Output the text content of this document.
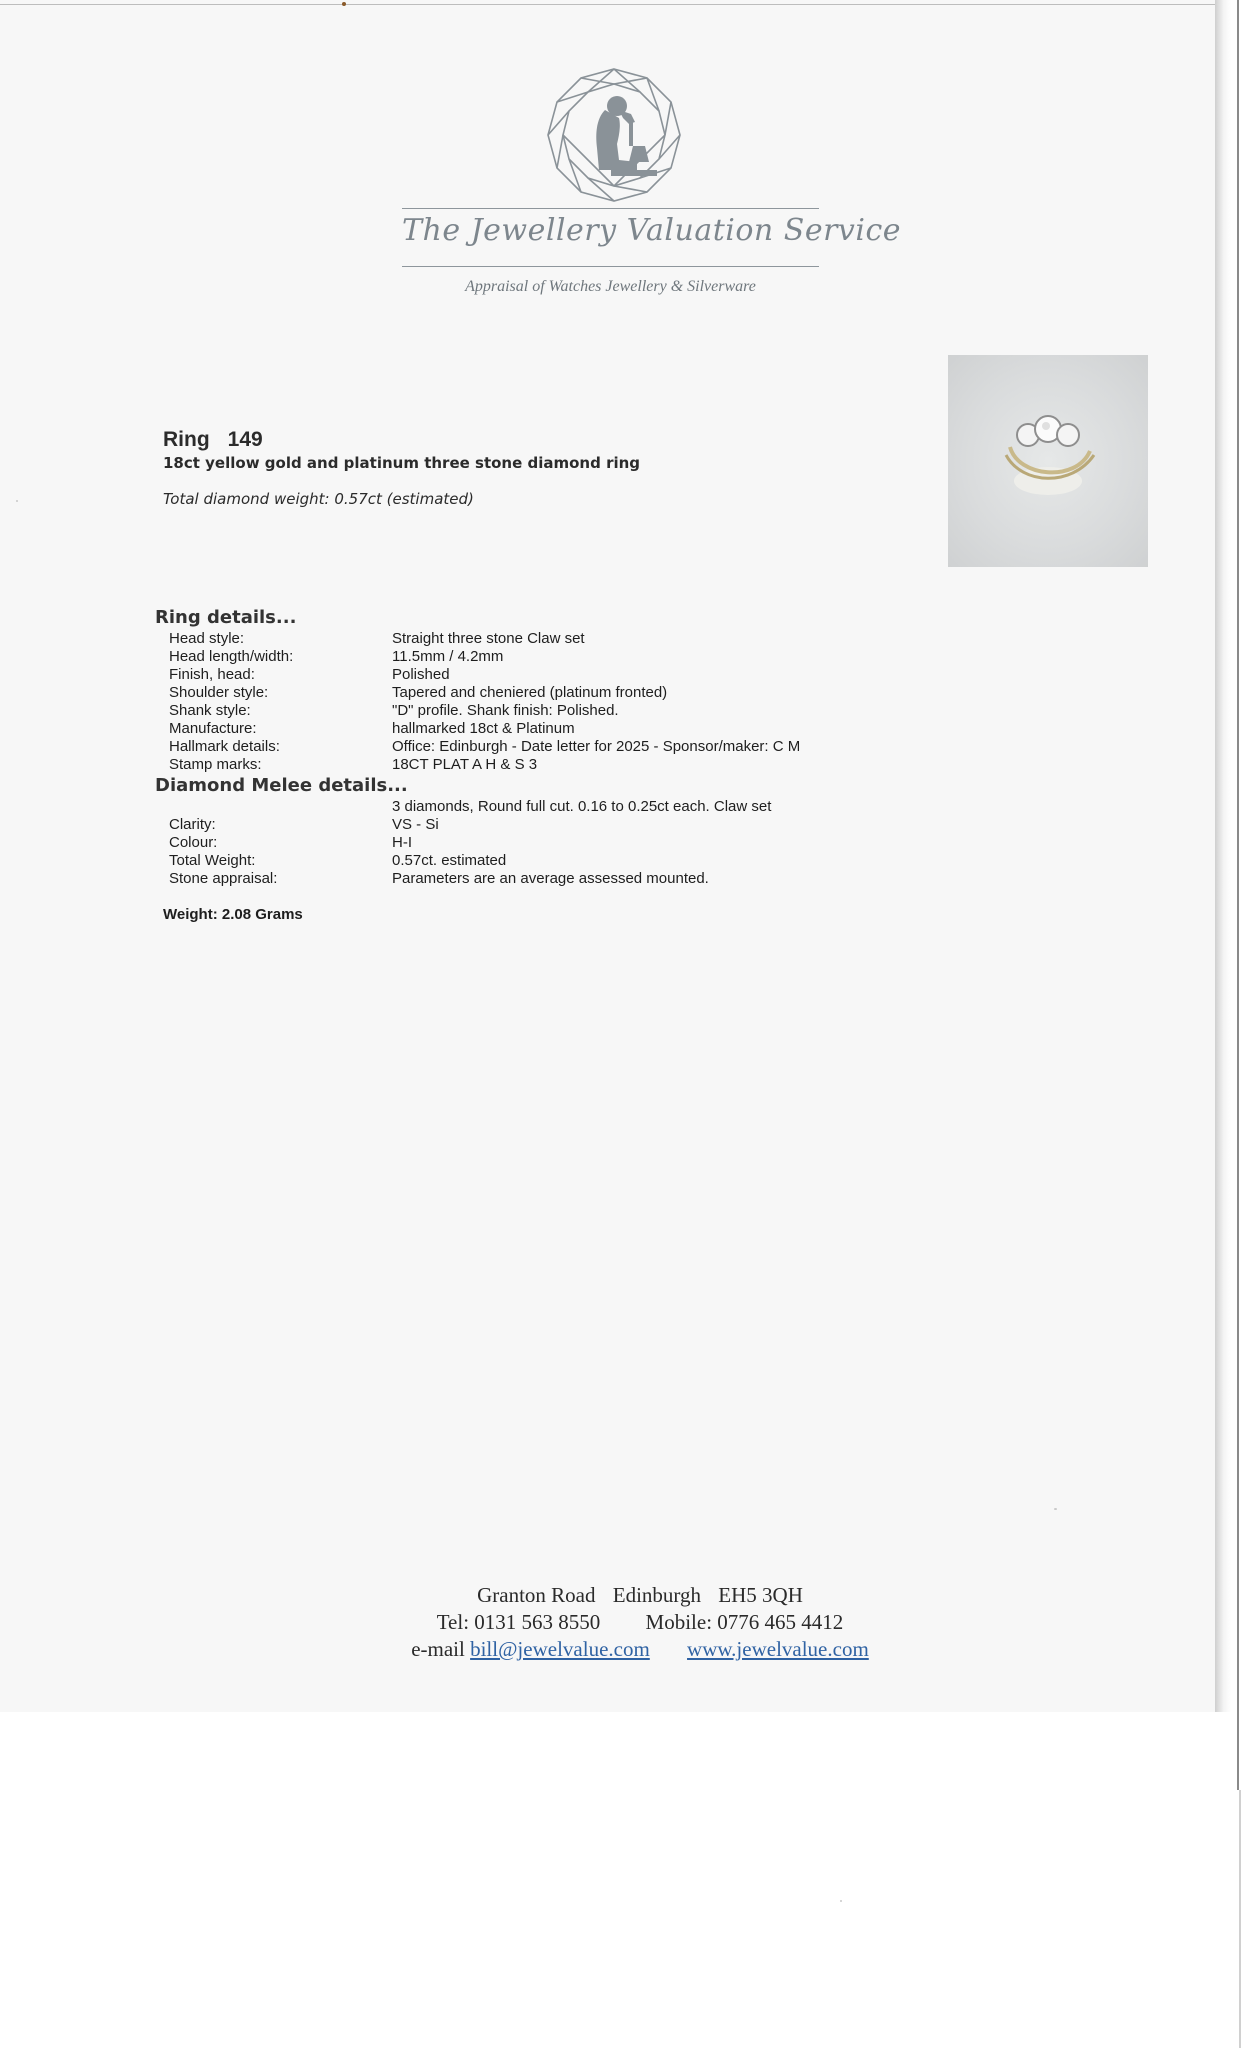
The Jewellery Valuation Service
Appraisal of Watches Jewellery & Silverware
Ring 149
18ct yellow gold and platinum three stone diamond ring
Total diamond weight: 0.57ct (estimated)
Ring details...
Head style:	Straight three stone Claw set
Head length/width:	11.5mm / 4.2mm
Finish, head:	Polished
Shoulder style:	Tapered and cheniered (platinum fronted)
Shank style:	"D" profile. Shank finish: Polished.
Manufacture:	hallmarked 18ct & Platinum
Hallmark details:	Office: Edinburgh - Date letter for 2025 - Sponsor/maker: C M
Stamp marks:	18CT PLAT A H & S 3
Diamond Melee details...
3 diamonds, Round full cut. 0.16 to 0.25ct each. Claw set
Clarity:	VS - Si
Colour:	H-I
Total Weight:	0.57ct. estimated
Stone appraisal:	Parameters are an average assessed mounted.
Weight: 2.08 Grams
Granton Road Edinburgh EH5 3QH
Tel: 0131 563 8550 Mobile: 0776 465 4412
e-mail bill@jewelvalue.com www.jewelvalue.com
